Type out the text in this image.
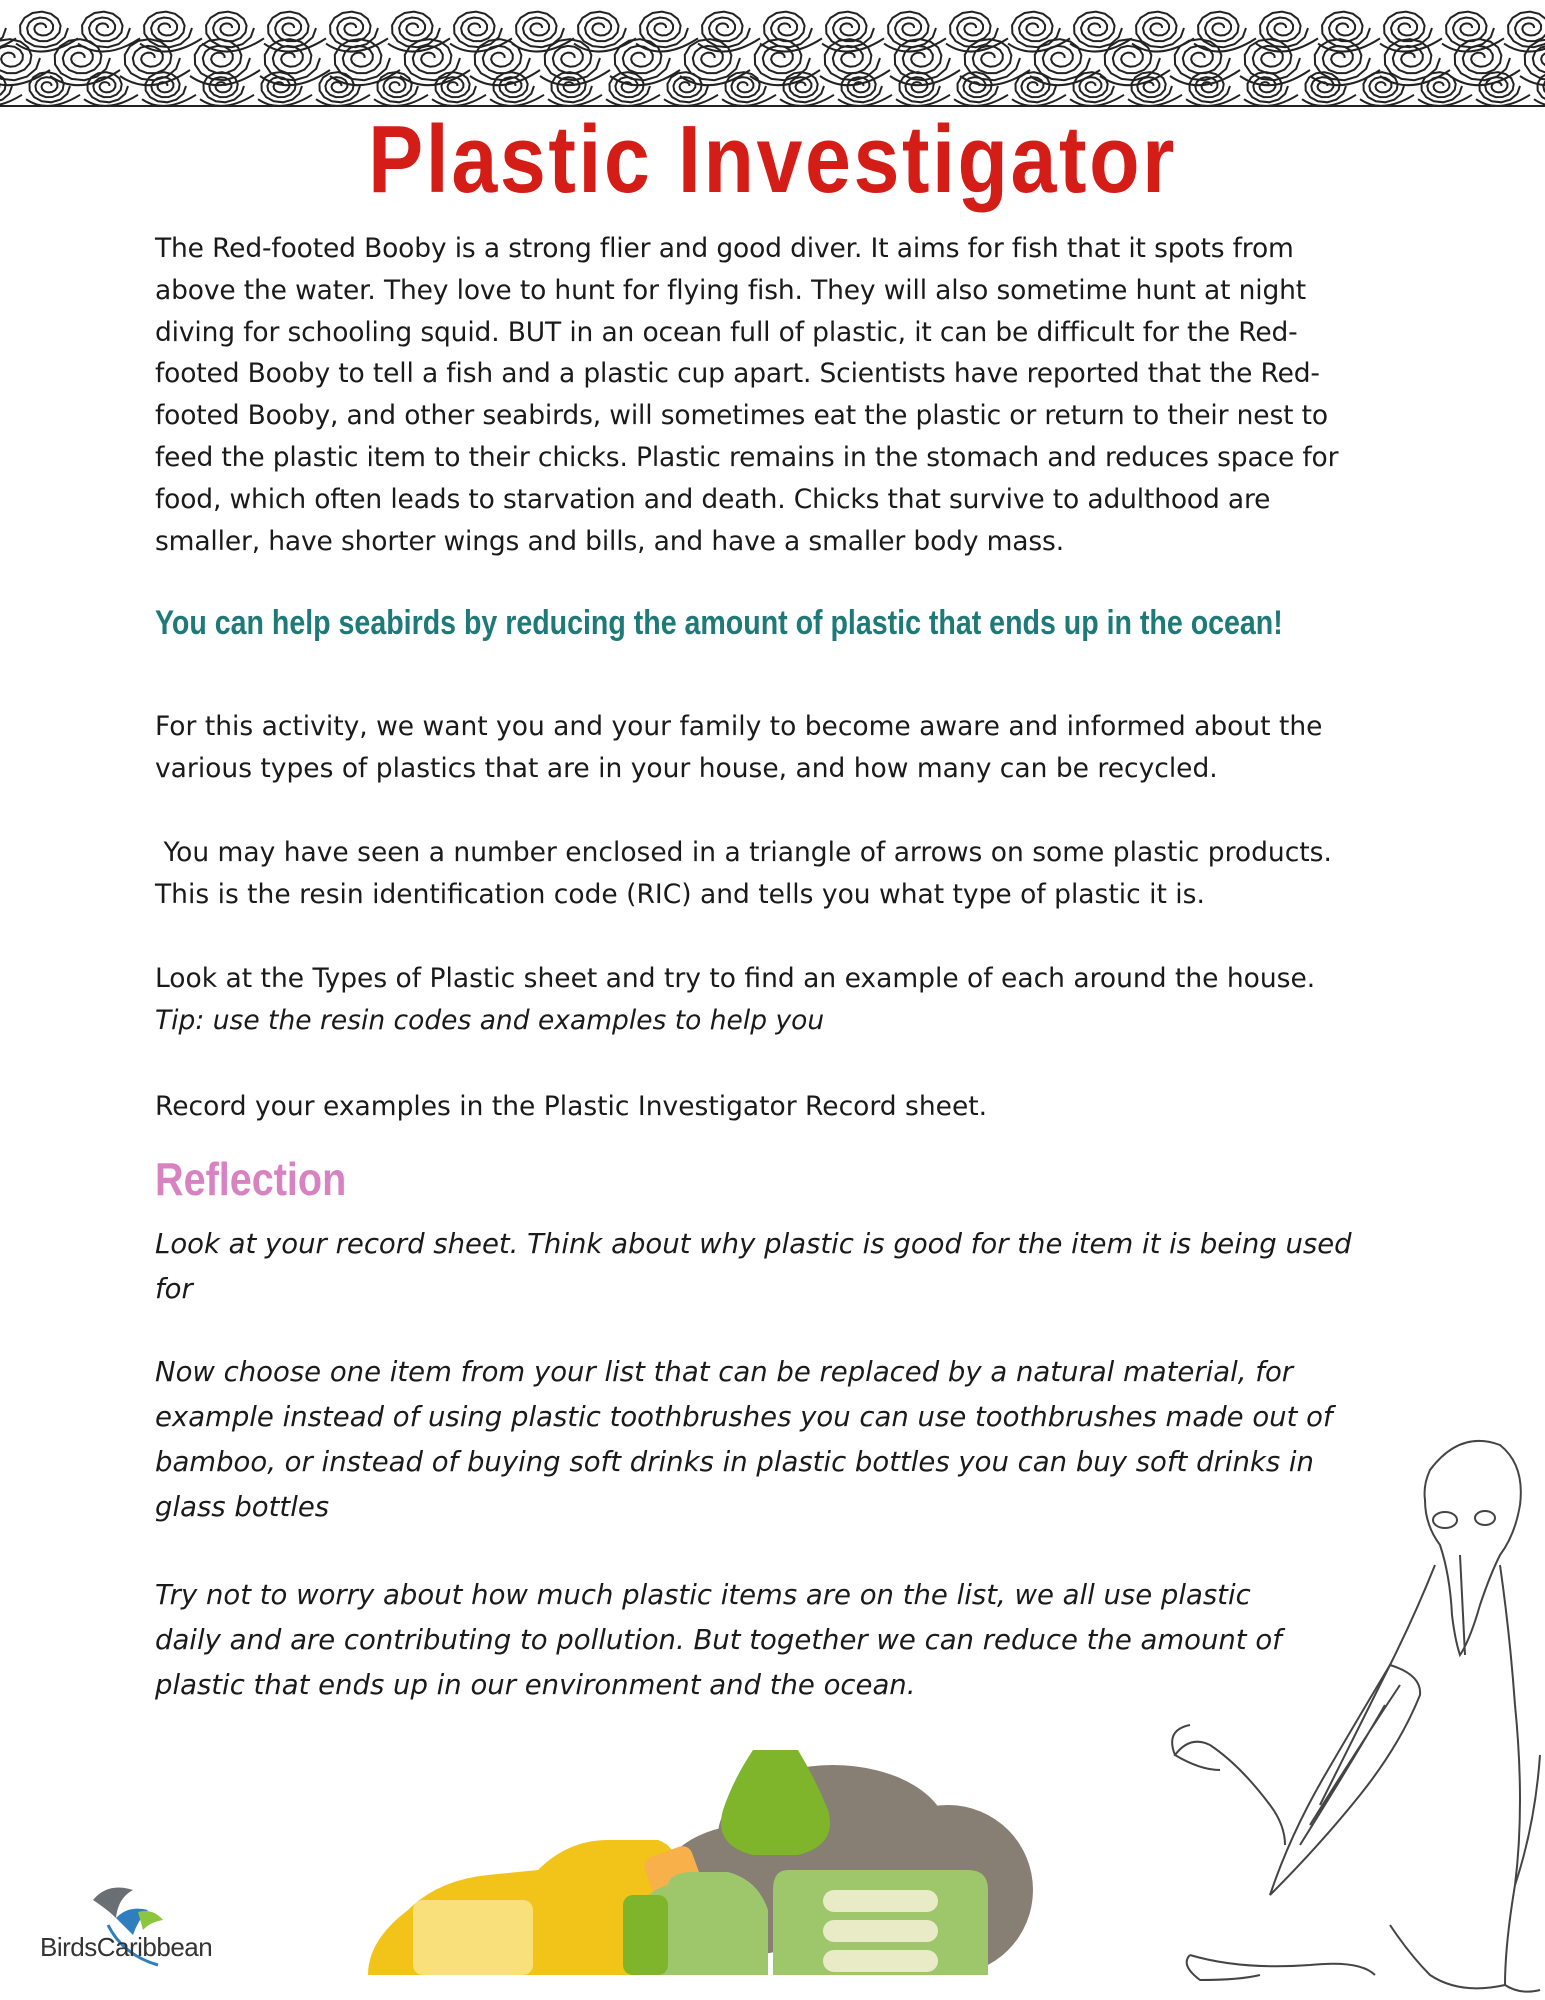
Plastic Investigator

The Red-footed Booby is a strong flier and good diver. It aims for fish that it spots from above the water. They love to hunt for flying fish. They will also sometime hunt at night diving for schooling squid. BUT in an ocean full of plastic, it can be difficult for the Red-footed Booby to tell a fish and a plastic cup apart. Scientists have reported that the Red-footed Booby, and other seabirds, will sometimes eat the plastic or return to their nest to feed the plastic item to their chicks. Plastic remains in the stomach and reduces space for food, which often leads to starvation and death. Chicks that survive to adulthood are smaller, have shorter wings and bills, and have a smaller body mass.

You can help seabirds by reducing the amount of plastic that ends up in the ocean!

For this activity, we want you and your family to become aware and informed about the various types of plastics that are in your house, and how many can be recycled.

You may have seen a number enclosed in a triangle of arrows on some plastic products. This is the resin identification code (RIC) and tells you what type of plastic it is.

Look at the Types of Plastic sheet and try to find an example of each around the house.

Tip: use the resin codes and examples to help you

Record your examples in the Plastic Investigator Record sheet.

Reflection

Look at your record sheet. Think about why plastic is good for the item it is being used for

Now choose one item from your list that can be replaced by a natural material, for example instead of using plastic toothbrushes you can use toothbrushes made out of bamboo, or instead of buying soft drinks in plastic bottles you can buy soft drinks in glass bottles

Try not to worry about how much plastic items are on the list, we all use plastic daily and are contributing to pollution. But together we can reduce the amount of plastic that ends up in our environment and the ocean.

BirdsCaribbean
